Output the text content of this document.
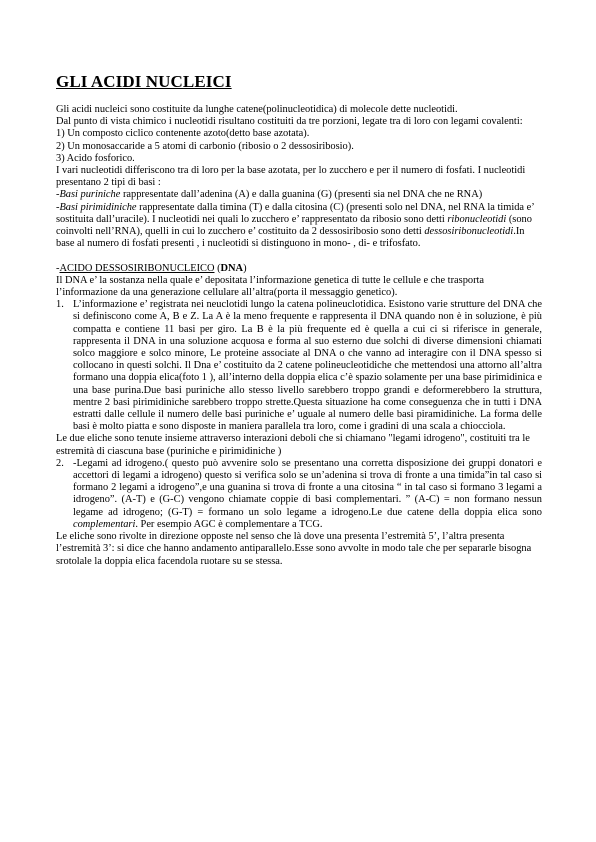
GLI ACIDI NUCLEICI

Gli acidi nucleici sono costituite da lunghe catene(polinucleotidica) di molecole dette nucleotidi.

Dal punto di vista chimico i nucleotidi risultano costituiti da tre porzioni, legate tra di loro con legami covalenti:

1) Un composto ciclico contenente azoto(detto base azotata).

2) Un monosaccaride a 5 atomi di carbonio (ribosio o 2 dessosiribosio).

3) Acido fosforico.

I vari nucleotidi differiscono tra di loro per la base azotata, per lo zucchero e per il numero di fosfati. I nucleotidi presentano 2 tipi di basi :

-Basi puriniche rappresentate dall’adenina (A) e dalla guanina (G) (presenti sia nel DNA che ne RNA)

-Basi pirimidiniche rappresentate dalla timina (T) e dalla citosina (C) (presenti solo nel DNA, nel RNA la timida e’ sostituita dall’uracile). I nucleotidi nei quali lo zucchero e’ rappresentato da ribosio sono detti ribonucleotidi (sono coinvolti nell’RNA), quelli in cui lo zucchero e’ costituito da 2 dessosiribosio sono detti dessosiribonucleotidi.In base al numero di fosfati presenti , i nucleotidi si distinguono in mono- , di- e trifosfato.

-ACIDO DESSOSIRIBONUCLEICO (DNA)

Il DNA e’ la sostanza nella quale e’ depositata l’informazione genetica di tutte le cellule e che trasporta l’informazione da una generazione cellulare all’altra(porta il messaggio genetico).

1. L’informazione e’ registrata nei neuclotidi lungo la catena polineuclotidica. Esistono varie strutture del DNA che si definiscono come A, B e Z. La A è la meno frequente e rappresenta il DNA quando non è in soluzione, è più compatta e contiene 11 basi per giro. La B è la più frequente ed è quella a cui ci si riferisce in generale, rappresenta il DNA in una soluzione acquosa e forma al suo esterno due solchi di diverse dimensioni chiamati solco maggiore e solco minore, Le proteine associate al DNA o che vanno ad interagire con il DNA spesso si collocano in questi solchi. Il Dna e’ costituito da 2 catene polineucleotidiche che mettendosi una attorno all’altra formano una doppia elica(foto 1 ), all’interno della doppia elica c’è spazio solamente per una base pirimidinica e una base purina.Due basi puriniche allo stesso livello sarebbero troppo grandi e deformerebbero la struttura, mentre 2 basi pirimidiniche sarebbero troppo strette.Questa situazione ha come conseguenza che in tutti i DNA estratti dalle cellule il numero delle basi puriniche e’ uguale al numero delle basi piramidiniche. La forma delle basi è molto piatta e sono disposte in maniera parallela tra loro, come i gradini di una scala a chiocciola.

Le due eliche sono tenute insieme attraverso interazioni deboli che si chiamano "legami idrogeno", costituiti tra le estremità di ciascuna base (puriniche e pirimidiniche )

2. -Legami ad idrogeno.( questo può avvenire solo se presentano una corretta disposizione dei gruppi donatori e accettori di legami a idrogeno) questo si verifica solo se un’adenina si trova di fronte a una timida”in tal caso si formano 2 legami a idrogeno”,e una guanina si trova di fronte a una citosina “ in tal caso si formano 3 legami a idrogeno”. (A-T) e (G-C) vengono chiamate coppie di basi complementari. ” (A-C) = non formano nessun legame ad idrogeno; (G-T) = formano un solo legame a idrogeno.Le due catene della doppia elica sono complementari. Per esempio AGC è complementare a TCG.

Le eliche sono rivolte in direzione opposte nel senso che là dove una presenta l’estremità 5’, l’altra presenta l’estremità 3’: si dice che hanno andamento antiparallelo.Esse sono avvolte in modo tale che per separarle bisogna srotolale la doppia elica facendola ruotare su se stessa.
